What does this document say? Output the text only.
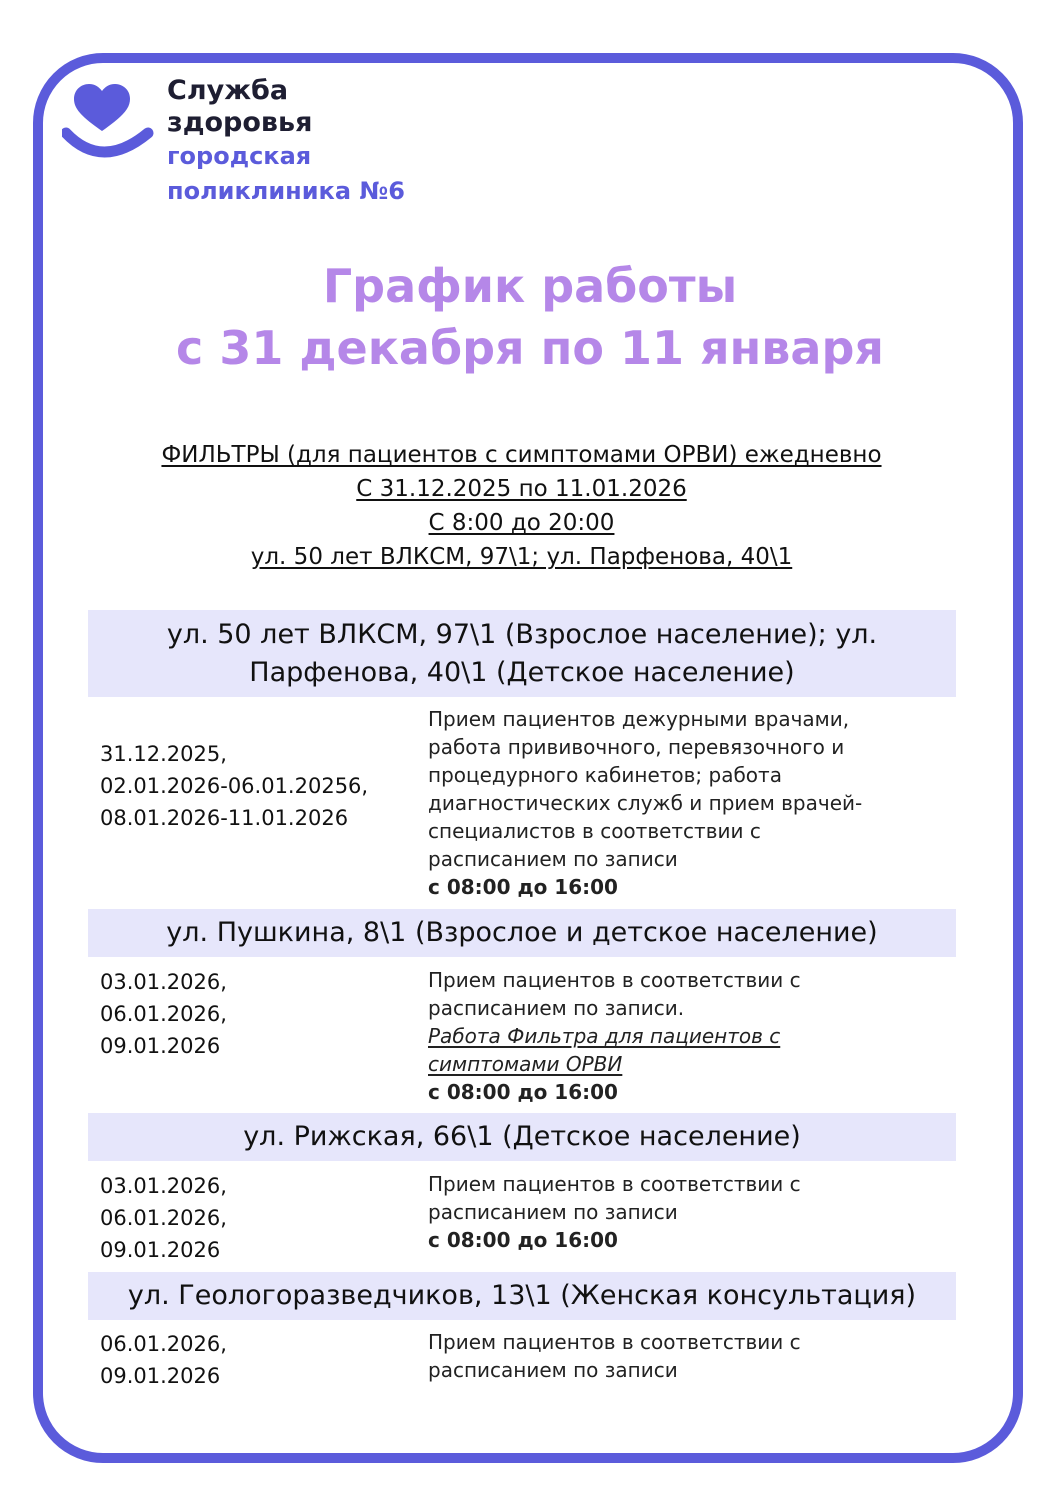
Служба
здоровья
городская
поликлиника №6
График работы
с 31 декабря по 11 января
ФИЛЬТРЫ (для пациентов с симптомами ОРВИ) ежедневно
С 31.12.2025 по 11.01.2026
С 8:00 до 20:00
ул. 50 лет ВЛКСМ, 97\1; ул. Парфенова, 40\1
ул. 50 лет ВЛКСМ, 97\1 (Взрослое население); ул.
Парфенова, 40\1 (Детское население)
31.12.2025,
02.01.2026-06.01.20256,
08.01.2026-11.01.2026
Прием пациентов дежурными врачами,
работа прививочного, перевязочного и
процедурного кабинетов; работа
диагностических служб и прием врачей-
специалистов в соответствии с
расписанием по записи
с 08:00 до 16:00
ул. Пушкина, 8\1 (Взрослое и детское население)
03.01.2026,
06.01.2026,
09.01.2026
Прием пациентов в соответствии с
расписанием по записи.
Работа Фильтра для пациентов с
симптомами ОРВИ
с 08:00 до 16:00
ул. Рижская, 66\1 (Детское население)
03.01.2026,
06.01.2026,
09.01.2026
Прием пациентов в соответствии с
расписанием по записи
с 08:00 до 16:00
ул. Геологоразведчиков, 13\1 (Женская консультация)
06.01.2026,
09.01.2026
Прием пациентов в соответствии с
расписанием по записи
